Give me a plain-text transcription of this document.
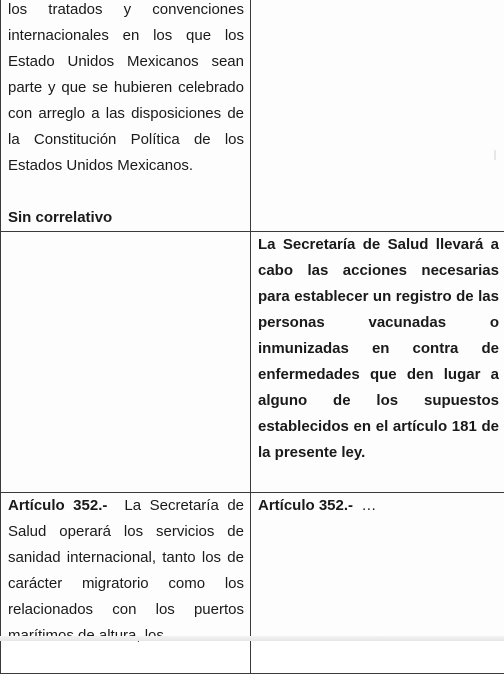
los tratados y convenciones internacionales en los que los Estado Unidos Mexicanos sean parte y que se hubieren celebrado con arreglo a las disposiciones de la Constitución Política de los Estados Unidos Mexicanos.
Sin correlativo	

	La Secretaría de Salud llevará a cabo las acciones necesarias para establecer un registro de las personas vacunadas o inmunizadas en contra de enfermedades que den lugar a alguno de los supuestos establecidos en el artículo 181 de la presente ley.

Artículo 352.- La Secretaría de Salud operará los servicios de sanidad internacional, tanto los de carácter migratorio como los relacionados con los puertos	Artículo 352.- …
